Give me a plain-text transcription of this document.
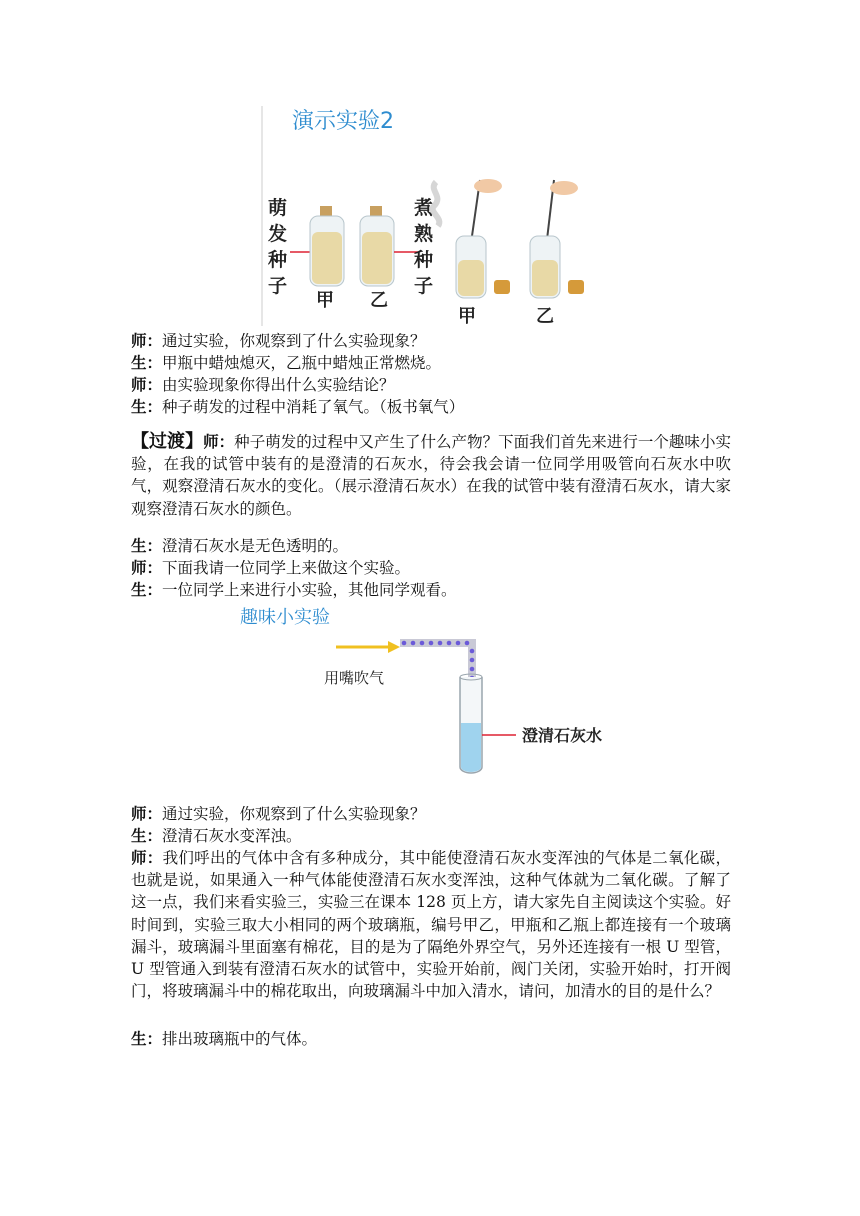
演示实验2
萌
发
种
子
煮
熟
种
子
甲 乙
甲	乙
师：通过实验，你观察到了什么实验现象？
生：甲瓶中蜡烛熄灭，乙瓶中蜡烛正常燃烧。
师：由实验现象你得出什么实验结论？
生：种子萌发的过程中消耗了氧气。（板书氧气）
【过渡】师：种子萌发的过程中又产生了什么产物？下面我们首先来进行一个趣味小实验，在我的试管中装有的是澄清的石灰水，待会我会请一位同学用吸管向石灰水中吹气，观察澄清石灰水的变化。（展示澄清石灰水）在我的试管中装有澄清石灰水，请大家观察澄清石灰水的颜色。
生：澄清石灰水是无色透明的。
师：下面我请一位同学上来做这个实验。
生：一位同学上来进行小实验，其他同学观看。
趣味小实验
用嘴吹气
澄清石灰水
师：通过实验，你观察到了什么实验现象？
生：澄清石灰水变浑浊。
师：我们呼出的气体中含有多种成分，其中能使澄清石灰水变浑浊的气体是二氧化碳，也就是说，如果通入一种气体能使澄清石灰水变浑浊，这种气体就为二氧化碳。了解了这一点，我们来看实验三，实验三在课本 128 页上方，请大家先自主阅读这个实验。好时间到，实验三取大小相同的两个玻璃瓶，编号甲乙，甲瓶和乙瓶上都连接有一个玻璃漏斗，玻璃漏斗里面塞有棉花，目的是为了隔绝外界空气，另外还连接有一根 U 型管，U 型管通入到装有澄清石灰水的试管中，实验开始前，阀门关闭，实验开始时，打开阀门，将玻璃漏斗中的棉花取出，向玻璃漏斗中加入清水，请问，加清水的目的是什么？
生：排出玻璃瓶中的气体。
